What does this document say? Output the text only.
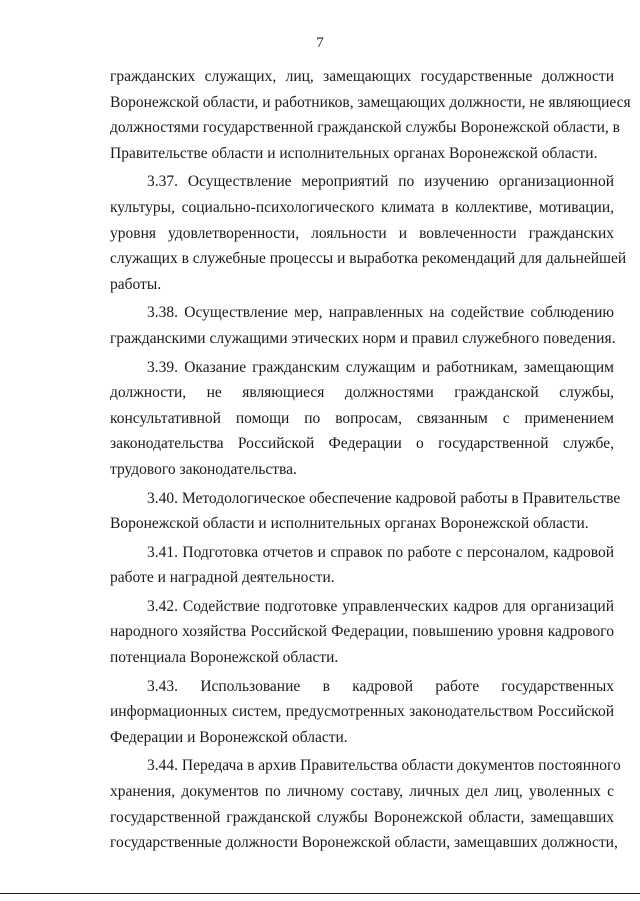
7
гражданских служащих, лиц, замещающих государственные должности
Воронежской области, и работников, замещающих должности, не являющиеся
должностями государственной гражданской службы Воронежской области, в
Правительстве области и исполнительных органах Воронежской области.
3.37. Осуществление мероприятий по изучению организационной
культуры, социально-психологического климата в коллективе, мотивации,
уровня удовлетворенности, лояльности и вовлеченности гражданских
служащих в служебные процессы и выработка рекомендаций для дальнейшей
работы.
3.38. Осуществление мер, направленных на содействие соблюдению
гражданскими служащими этических норм и правил служебного поведения.
3.39. Оказание гражданским служащим и работникам, замещающим
должности, не являющиеся должностями гражданской службы,
консультативной помощи по вопросам, связанным с применением
законодательства Российской Федерации о государственной службе,
трудового законодательства.
3.40. Методологическое обеспечение кадровой работы в Правительстве
Воронежской области и исполнительных органах Воронежской области.
3.41. Подготовка отчетов и справок по работе с персоналом, кадровой
работе и наградной деятельности.
3.42. Содействие подготовке управленческих кадров для организаций
народного хозяйства Российской Федерации, повышению уровня кадрового
потенциала Воронежской области.
3.43. Использование в кадровой работе государственных
информационных систем, предусмотренных законодательством Российской
Федерации и Воронежской области.
3.44. Передача в архив Правительства области документов постоянного
хранения, документов по личному составу, личных дел лиц, уволенных с
государственной гражданской службы Воронежской области, замещавших
государственные должности Воронежской области, замещавших должности,
